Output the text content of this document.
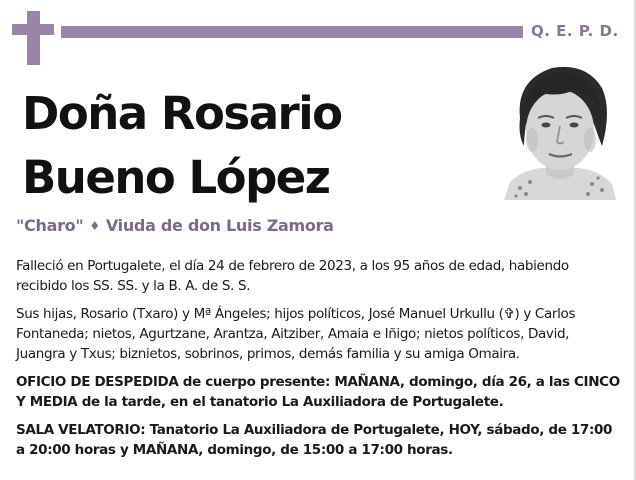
Q. E. P. D.
Doña Rosario
Bueno López
"Charo" ♦ Viuda de don Luis Zamora

Falleció en Portugalete, el día 24 de febrero de 2023, a los 95 años de edad, habiendo recibido los SS. SS. y la B. A. de S. S.

Sus hijas, Rosario (Txaro) y Mª Ángeles; hijos políticos, José Manuel Urkullu (✞) y Carlos Fontaneda; nietos, Agurtzane, Arantza, Aitziber, Amaia e Iñigo; nietos políticos, David, Juangra y Txus; biznietos, sobrinos, primos, demás familia y su amiga Omaira.

OFICIO DE DESPEDIDA de cuerpo presente: MAÑANA, domingo, día 26, a las CINCO Y MEDIA de la tarde, en el tanatorio La Auxiliadora de Portugalete.

SALA VELATORIO: Tanatorio La Auxiliadora de Portugalete, HOY, sábado, de 17:00 a 20:00 horas y MAÑANA, domingo, de 15:00 a 17:00 horas.
